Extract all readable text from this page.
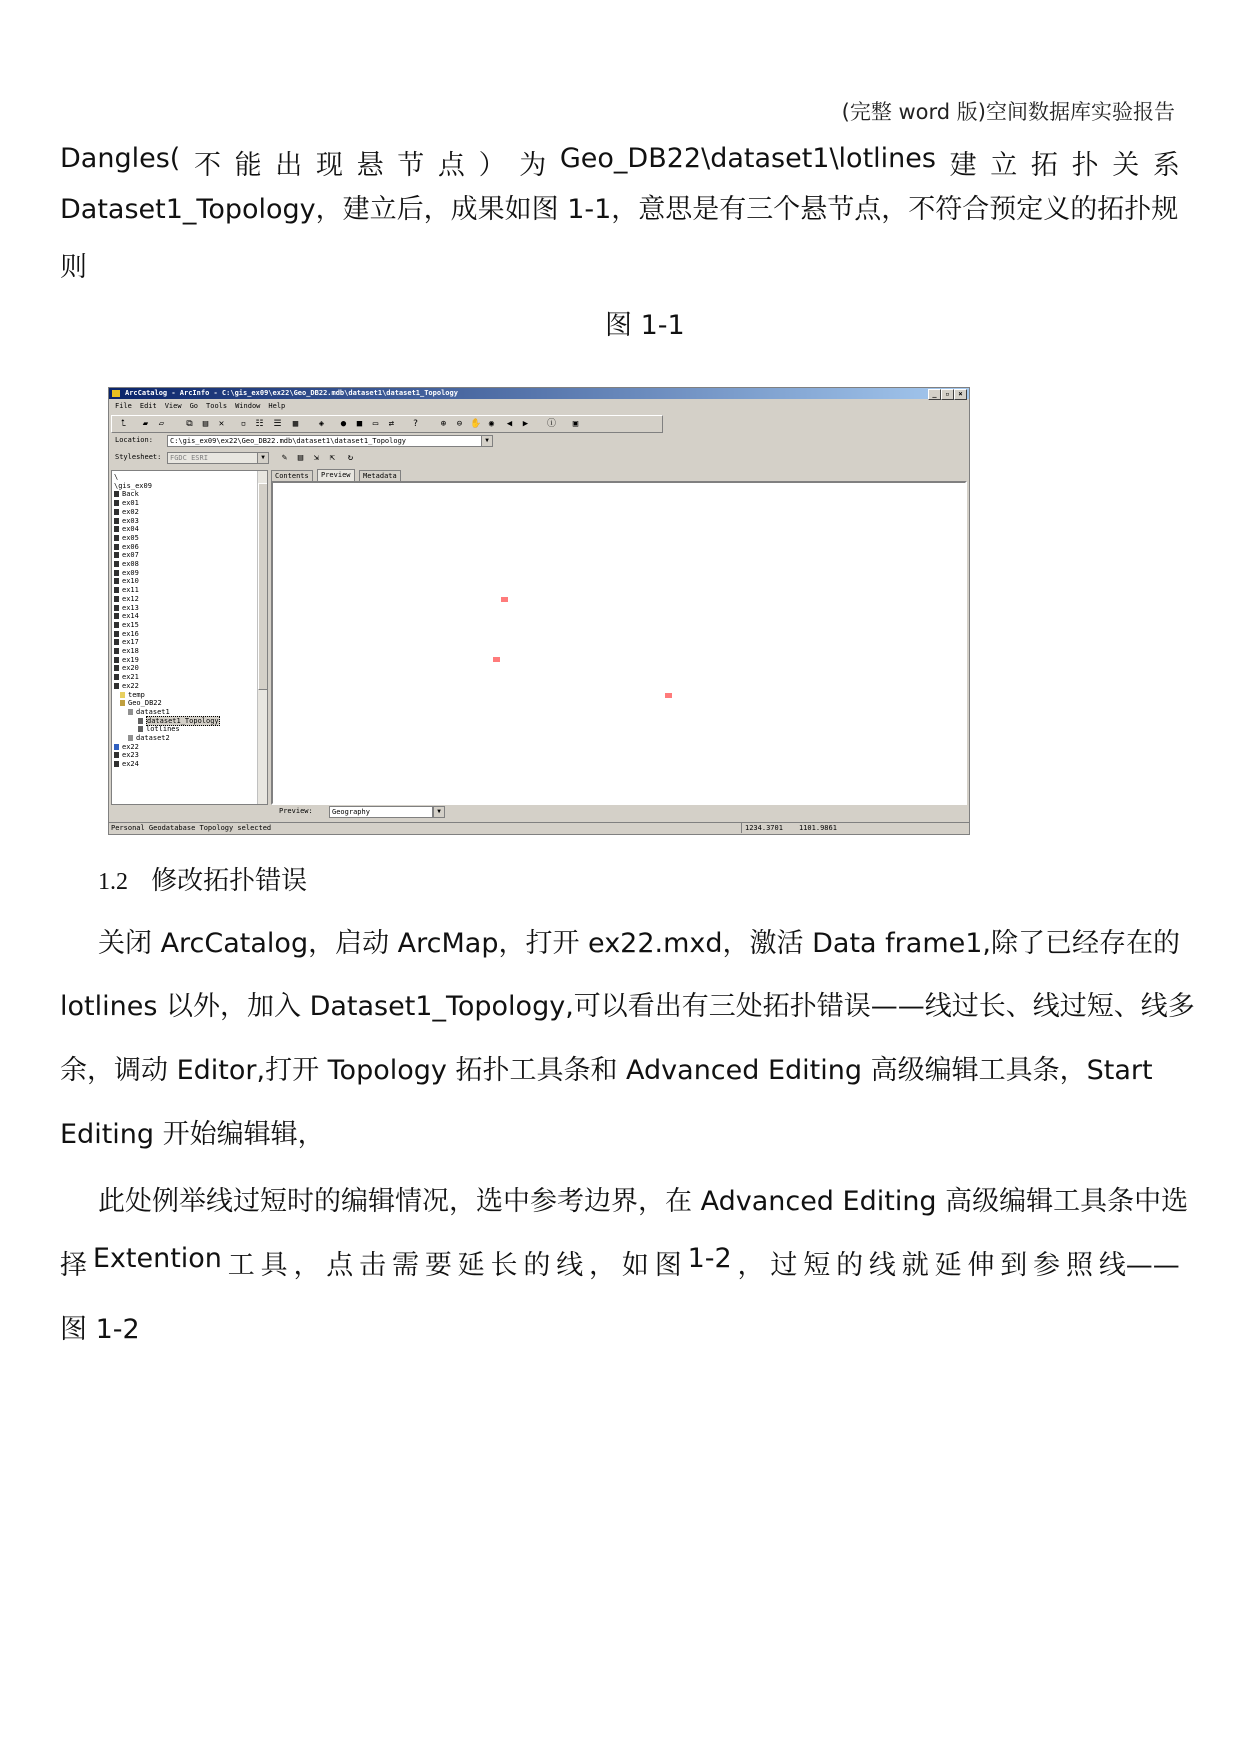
(完整 word 版)空间数据库实验报告
Dangles( 不 能 出 现 悬 节 点 ） 为 Geo_DB22\dataset1\lotlines 建 立 拓 扑 关 系
Dataset1_Topology，建立后，成果如图 1-1，意思是有三个悬节点，不符合预定义的拓扑规
则
图 1-1
ArcCatalog - ArcInfo - C:\gis_ex09\ex22\Geo_DB22.mdb\dataset1\dataset1_Topology	_	▫	×
File Edit View Go Tools Window Help
⮤	▰	▱	⧉	▤	✕	▫	☷ ☰	▦	◈	●	■	▭	⇄	?	⊕	⊖ ✋ ◉	◀	▶	ⓘ	▣
Location:	C:\gis_ex09\ex22\Geo_DB22.mdb\dataset1\dataset1_Topology	▼
Stylesheet:	FGDC ESRI	▼	✎	▤	⇲	⇱	↻
\
\gis_ex09
Back
ex01
ex02
ex03
ex04
ex05
ex06
ex07
ex08
ex09
ex10
ex11
ex12
ex13
ex14
ex15
ex16
ex17
ex18
ex19
ex20
ex21
ex22
temp
Geo_DB22
dataset1
dataset1_Topology
lotlines
dataset2
ex22
ex23
ex24
Contents	Preview	Metadata
Preview:	Geography	▼
Personal Geodatabase Topology selected	1234.3701 1101.9861
1.2 修改拓扑错误
关闭 ArcCatalog，启动 ArcMap，打开 ex22.mxd，激活 Data frame1,除了已经存在的
lotlines 以外，加入 Dataset1_Topology,可以看出有三处拓扑错误——线过长、线过短、线多
余，调动 Editor,打开 Topology 拓扑工具条和 Advanced Editing 高级编辑工具条，Start
Editing 开始编辑辑，
此处例举线过短时的编辑情况，选中参考边界，在 Advanced Editing 高级编辑工具条中选
择 Extention 工 具 ， 点 击 需 要 延 长 的 线 ， 如 图 1-2 ， 过 短 的 线 就 延 伸 到 参 照 线——
图 1-2
